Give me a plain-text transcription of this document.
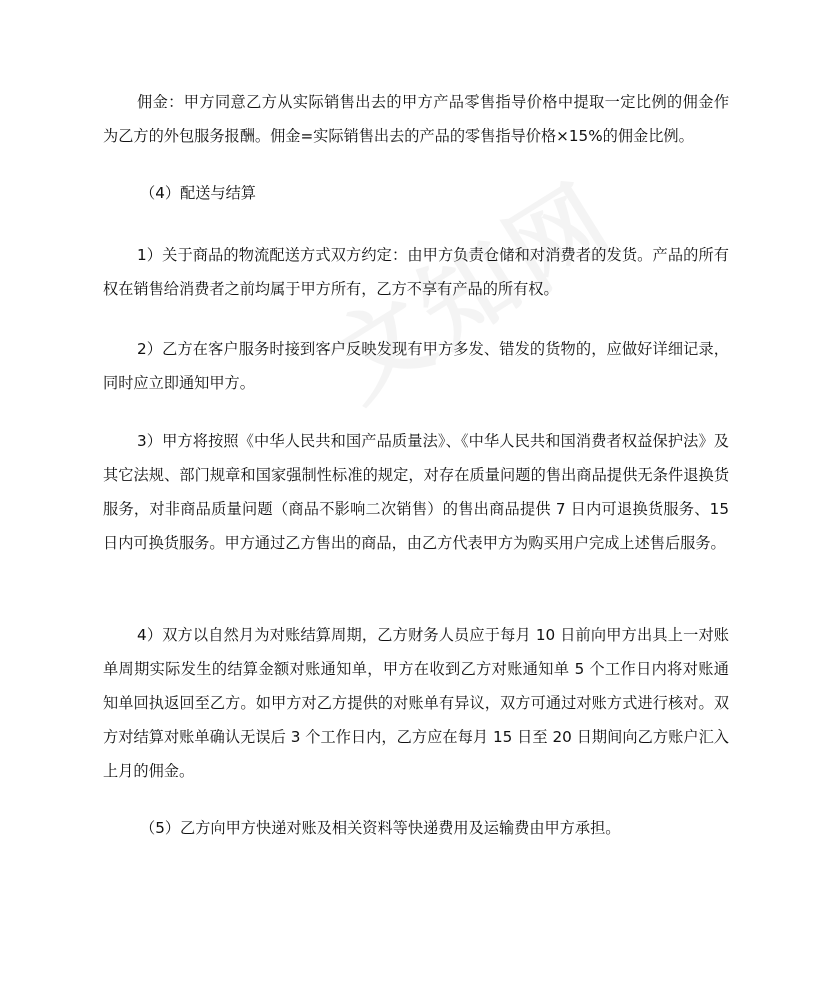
佣金：甲方同意乙方从实际销售出去的甲方产品零售指导价格中提取一定比例的佣金作为乙方的外包服务报酬。佣金=实际销售出去的产品的零售指导价格×15%的佣金比例。

（4）配送与结算

1）关于商品的物流配送方式双方约定：由甲方负责仓储和对消费者的发货。产品的所有权在销售给消费者之前均属于甲方所有，乙方不享有产品的所有权。

2）乙方在客户服务时接到客户反映发现有甲方多发、错发的货物的，应做好详细记录，同时应立即通知甲方。

3）甲方将按照《中华人民共和国产品质量法》、《中华人民共和国消费者权益保护法》及其它法规、部门规章和国家强制性标准的规定，对存在质量问题的售出商品提供无条件退换货服务，对非商品质量问题（商品不影响二次销售）的售出商品提供 7 日内可退换货服务、15 日内可换货服务。甲方通过乙方售出的商品，由乙方代表甲方为购买用户完成上述售后服务。

4）双方以自然月为对账结算周期，乙方财务人员应于每月 10 日前向甲方出具上一对账单周期实际发生的结算金额对账通知单，甲方在收到乙方对账通知单 5 个工作日内将对账通知单回执返回至乙方。如甲方对乙方提供的对账单有异议，双方可通过对账方式进行核对。双方对结算对账单确认无误后 3 个工作日内，乙方应在每月 15 日至 20 日期间向乙方账户汇入上月的佣金。

（5）乙方向甲方快递对账及相关资料等快递费用及运输费由甲方承担。
